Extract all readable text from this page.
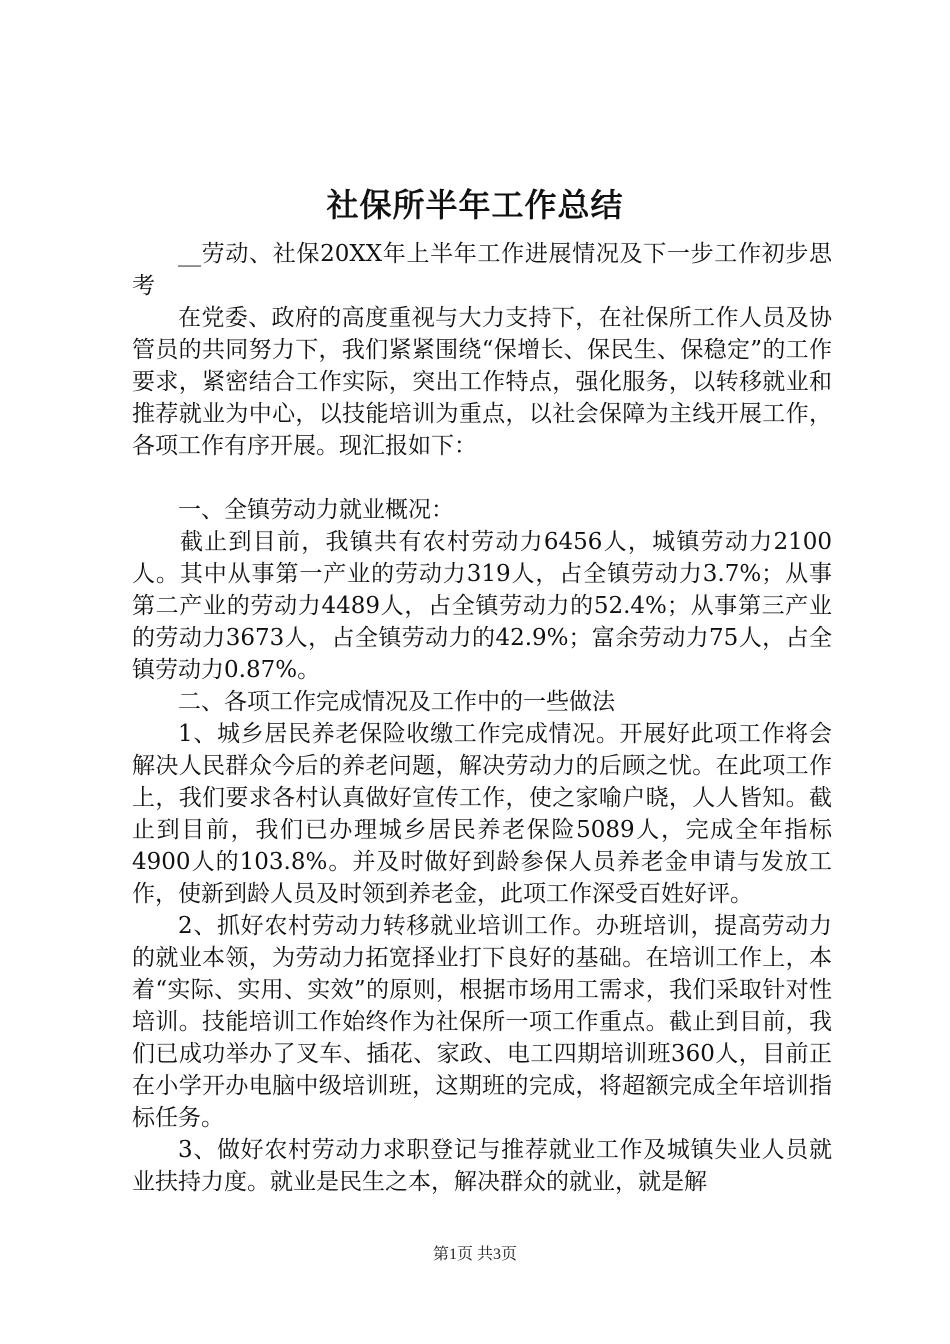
社保所半年工作总结

__劳动、社保20XX年上半年工作进展情况及下一步工作初步思考

在党委、政府的高度重视与大力支持下，在社保所工作人员及协管员的共同努力下，我们紧紧围绕“保增长、保民生、保稳定”的工作要求，紧密结合工作实际，突出工作特点，强化服务，以转移就业和推荐就业为中心，以技能培训为重点，以社会保障为主线开展工作，各项工作有序开展。现汇报如下：

一、全镇劳动力就业概况：

截止到目前，我镇共有农村劳动力6456人，城镇劳动力2100人。其中从事第一产业的劳动力319人，占全镇劳动力3.7%；从事第二产业的劳动力4489人，占全镇劳动力的52.4%；从事第三产业的劳动力3673人，占全镇劳动力的42.9%；富余劳动力75人，占全镇劳动力0.87%。

二、各项工作完成情况及工作中的一些做法

1、城乡居民养老保险收缴工作完成情况。开展好此项工作将会解决人民群众今后的养老问题，解决劳动力的后顾之忧。在此项工作上，我们要求各村认真做好宣传工作，使之家喻户晓，人人皆知。截止到目前，我们已办理城乡居民养老保险5089人，完成全年指标4900人的103.8%。并及时做好到龄参保人员养老金申请与发放工作，使新到龄人员及时领到养老金，此项工作深受百姓好评。

2、抓好农村劳动力转移就业培训工作。办班培训，提高劳动力的就业本领，为劳动力拓宽择业打下良好的基础。在培训工作上，本着“实际、实用、实效”的原则，根据市场用工需求，我们采取针对性培训。技能培训工作始终作为社保所一项工作重点。截止到目前，我们已成功举办了叉车、插花、家政、电工四期培训班360人，目前正在小学开办电脑中级培训班，这期班的完成，将超额完成全年培训指标任务。

3、做好农村劳动力求职登记与推荐就业工作及城镇失业人员就业扶持力度。就业是民生之本，解决群众的就业，就是解

第1页 共3页
